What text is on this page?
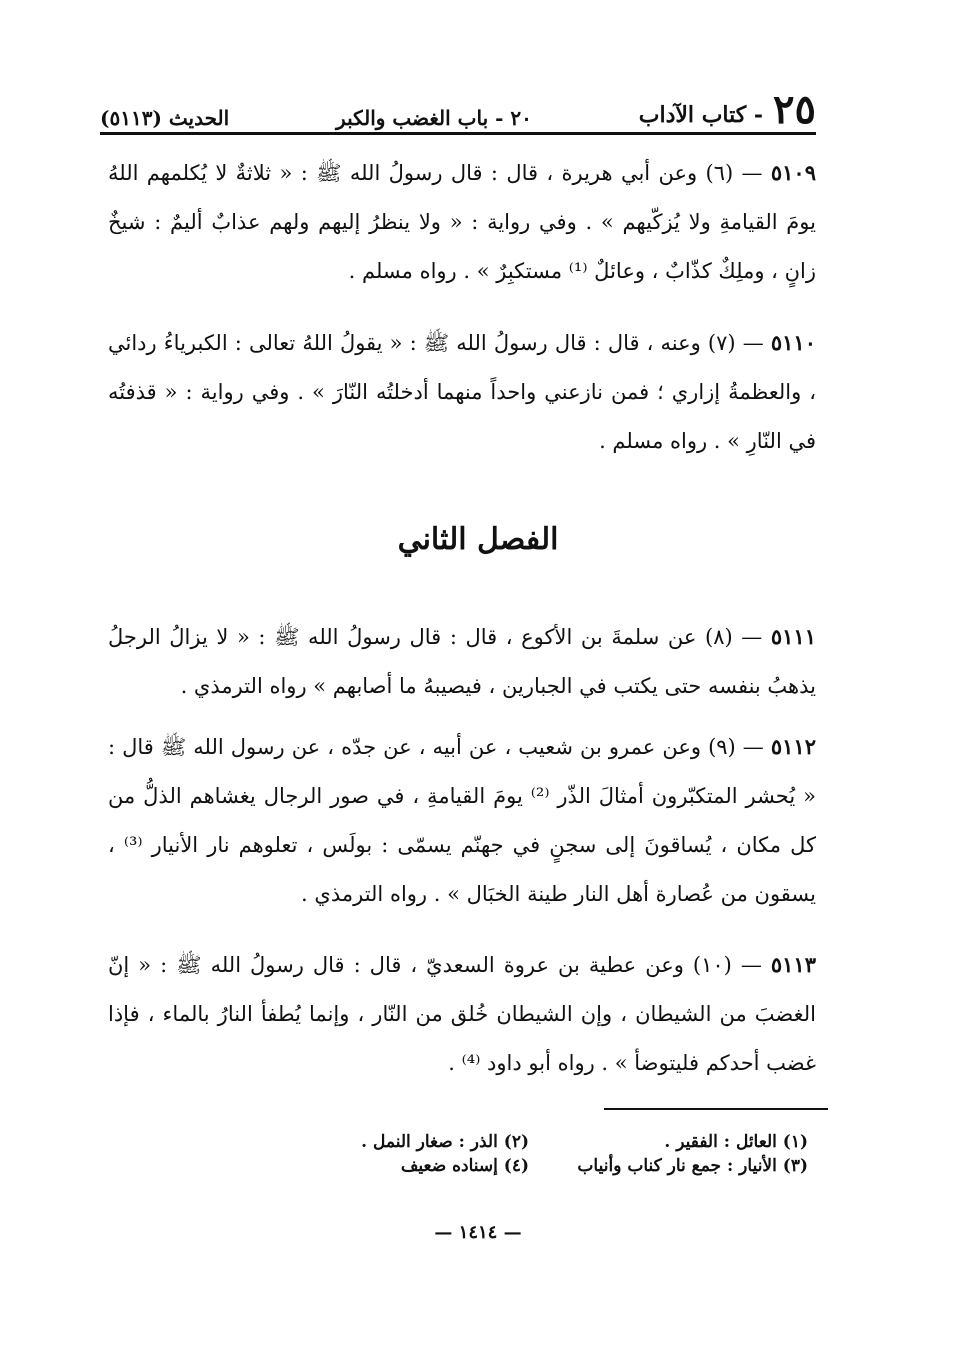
٢٥
- كتاب الآداب
٢٠ - باب الغضب والكبر
الحديث (٥١١٣)

٥١٠٩ — (٦) وعن أبي هريرة ، قال : قال رسولُ الله ﷺ : « ثلاثةٌ لا يُكلمهم اللهُ يومَ القيامةِ ولا يُزكّيهم » . وفي رواية : « ولا ينظرُ إليهم ولهم عذابٌ أليمٌ : شيخٌ زانٍ ، وملِكٌ كذّابٌ ، وعائلٌ ⁽¹⁾ مستكبِرٌ » . رواه مسلم .

٥١١٠ — (٧) وعنه ، قال : قال رسولُ الله ﷺ : « يقولُ اللهُ تعالى : الكبرياءُ ردائي ، والعظمةُ إزاري ؛ فمن نازعني واحداً منهما أدخلتُه النّارَ » . وفي رواية : « قذفتُه في النّارِ » . رواه مسلم .

الفصل الثاني

٥١١١ — (٨) عن سلمةَ بن الأكوع ، قال : قال رسولُ الله ﷺ : « لا يزالُ الرجلُ يذهبُ بنفسه حتى يكتب في الجبارين ، فيصيبهُ ما أصابهم » رواه الترمذي .

٥١١٢ — (٩) وعن عمرو بن شعيب ، عن أبيه ، عن جدّه ، عن رسول الله ﷺ قال : « يُحشر المتكبّرون أمثالَ الذّر ⁽²⁾ يومَ القيامةِ ، في صور الرجال يغشاهم الذلُّ من كل مكان ، يُساقونَ إلى سجنٍ في جهنّم يسمّى : بولَس ، تعلوهم نار الأنيار ⁽³⁾ ، يسقون من عُصارة أهل النار طينة الخبَال » . رواه الترمذي .

٥١١٣ — (١٠) وعن عطية بن عروة السعديّ ، قال : قال رسولُ الله ﷺ : « إنّ الغضبَ من الشيطان ، وإن الشيطان خُلق من النّار ، وإنما يُطفأ النارُ بالماء ، فإذا غضب أحدكم فليتوضأ » . رواه أبو داود ⁽⁴⁾ .

(١) العائل : الفقير .
(٢) الذر : صغار النمل .
(٣) الأنيار : جمع نار كناب وأنياب
(٤) إسناده ضعيف
— ١٤١٤ —
